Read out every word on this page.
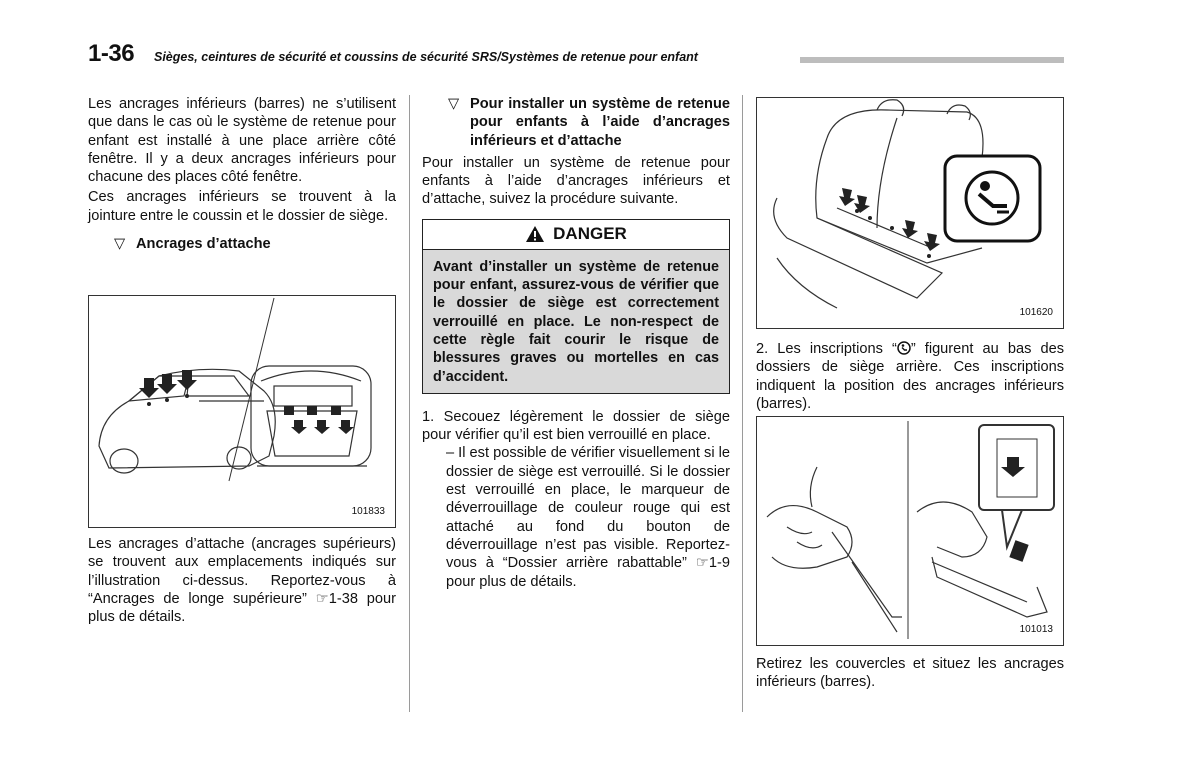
1-36 Sièges, ceintures de sécurité et coussins de sécurité SRS/Systèmes de retenue pour enfant

Les ancrages inférieurs (barres) ne s’utilisent que dans le cas où le système de retenue pour enfant est installé à une place arrière côté fenêtre. Il y a deux ancrages inférieurs pour chacune des places côté fenêtre.

Ces ancrages inférieurs se trouvent à la jointure entre le coussin et le dossier de siège.

▽ Ancrages d’attache
101833

Les ancrages d’attache (ancrages supérieurs) se trouvent aux emplacements indiqués sur l’illustration ci-dessus. Reportez-vous à “Ancrages de longe supérieure” ☞1-38 pour plus de détails.

▽ Pour installer un système de retenue pour enfants à l’aide d’ancrages inférieurs et d’attache

Pour installer un système de retenue pour enfants à l’aide d’ancrages inférieurs et d’attache, suivez la procédure suivante.

DANGER
Avant d’installer un système de retenue pour enfant, assurez-vous de vérifier que le dossier de siège est correctement verrouillé en place. Le non-respect de cette règle fait courir le risque de blessures graves ou mortelles en cas d’accident.

1. Secouez légèrement le dossier de siège pour vérifier qu’il est bien verrouillé en place.

– Il est possible de vérifier visuellement si le dossier de siège est verrouillé. Si le dossier est verrouillé en place, le marqueur de déverrouillage de couleur rouge qui est attaché au fond du bouton de déverrouillage n’est pas visible. Reportez-vous à “Dossier arrière rabattable” ☞1-9 pour plus de détails.

101620

2. Les inscriptions “ ” figurent au bas des dossiers de siège arrière. Ces inscriptions indiquent la position des ancrages inférieurs (barres).

101013

Retirez les couvercles et situez les ancrages inférieurs (barres).
